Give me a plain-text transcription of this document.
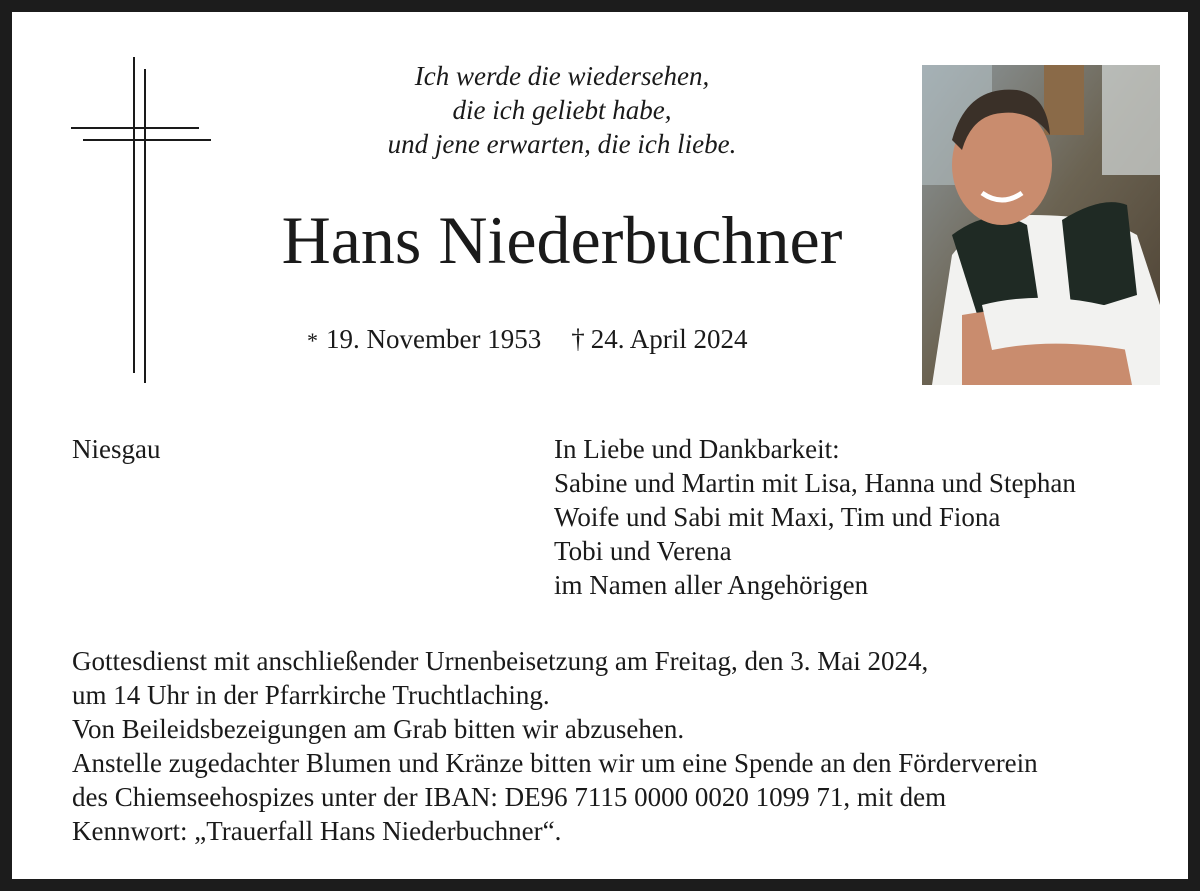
Ich werde die wiedersehen,
die ich geliebt habe,
und jene erwarten, die ich liebe.
Hans Niederbuchner
* 19. November 1953 † 24. April 2024
Niesgau	In Liebe und Dankbarkeit:
Sabine und Martin mit Lisa, Hanna und Stephan
Woife und Sabi mit Maxi, Tim und Fiona
Tobi und Verena
im Namen aller Angehörigen
Gottesdienst mit anschließender Urnenbeisetzung am Freitag, den 3. Mai 2024,
um 14 Uhr in der Pfarrkirche Truchtlaching.
Von Beileidsbezeigungen am Grab bitten wir abzusehen.
Anstelle zugedachter Blumen und Kränze bitten wir um eine Spende an den Förderverein
des Chiemseehospizes unter der IBAN: DE96 7115 0000 0020 1099 71, mit dem
Kennwort: „Trauerfall Hans Niederbuchner“.
